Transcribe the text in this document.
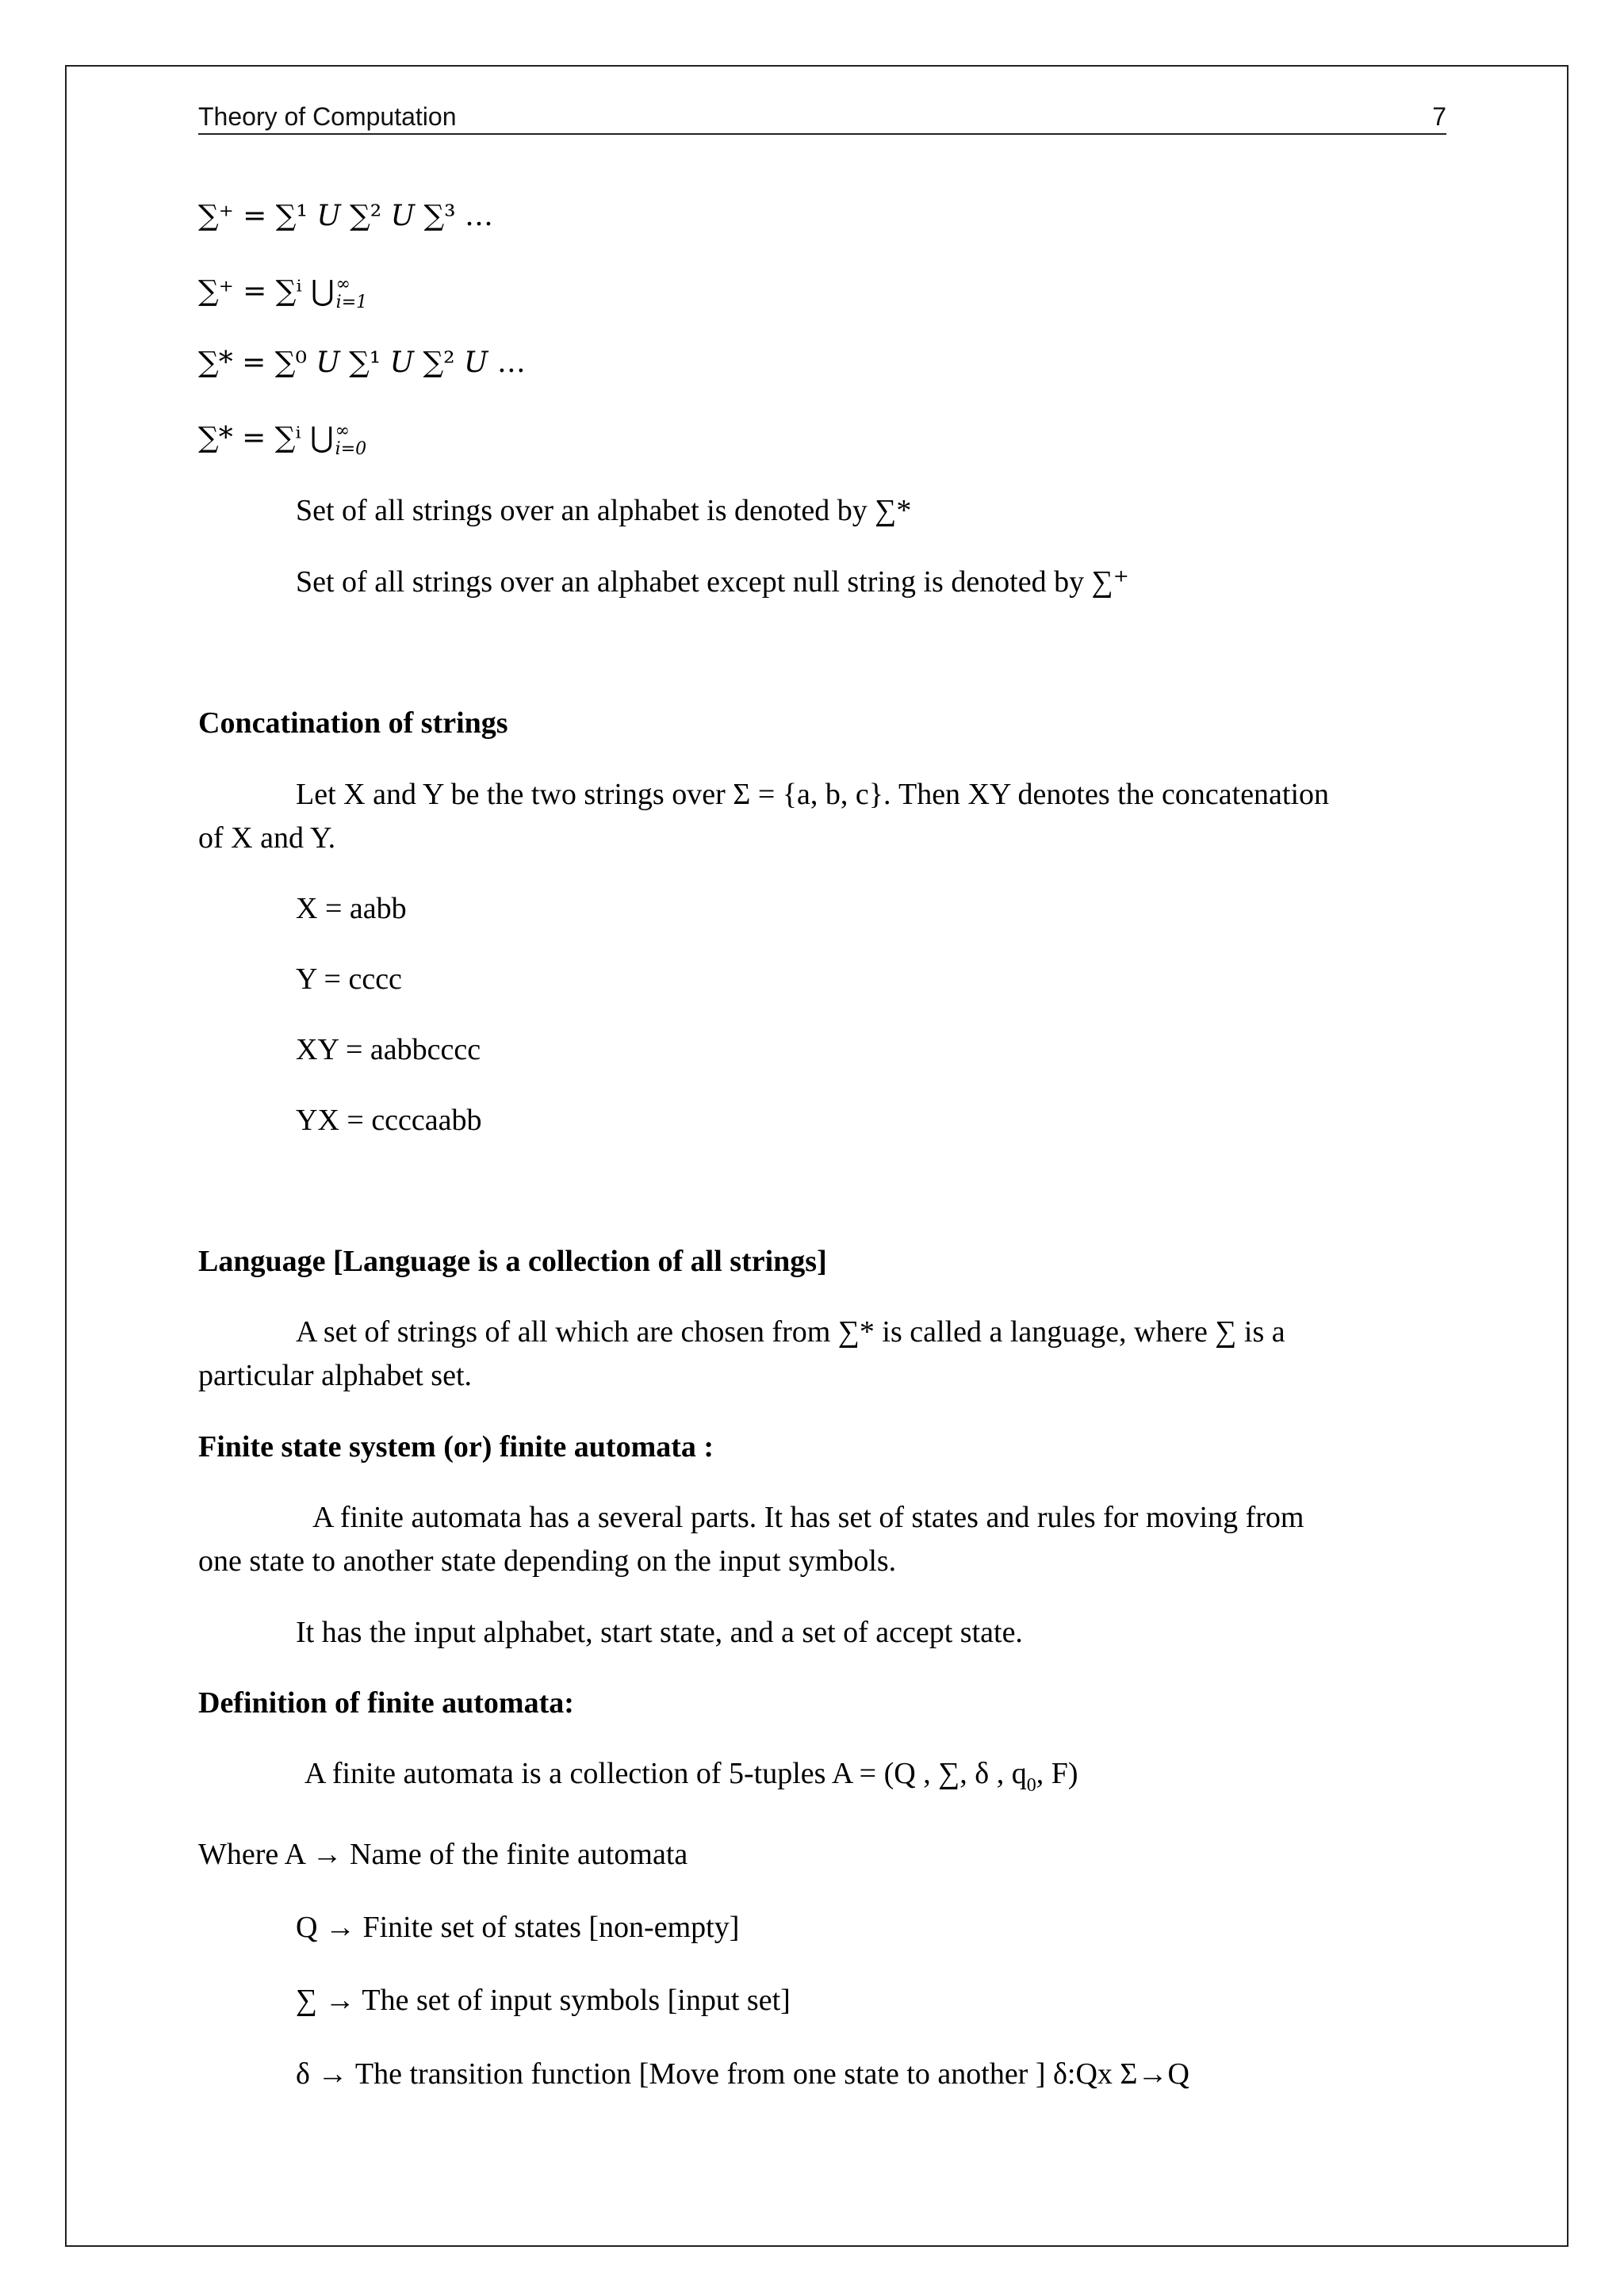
Theory of Computation	7
∑⁺ = ∑¹ 𝑈 ∑² 𝑈 ∑³ …
∑⁺ = ∑ⁱ ⋃ ∞
i=1
∑* = ∑⁰ 𝑈 ∑¹ 𝑈 ∑² 𝑈 …
∑* = ∑ⁱ ⋃ ∞
i=0
Set of all strings over an alphabet is denoted by ∑*
Set of all strings over an alphabet except null string is denoted by ∑⁺
Concatination of strings
Let X and Y be the two strings over Σ = {a, b, c}. Then XY denotes the concatenation
of X and Y.
X = aabb
Y = cccc
XY = aabbcccc
YX = ccccaabb
Language [Language is a collection of all strings]
A set of strings of all which are chosen from ∑* is called a language, where ∑ is a
particular alphabet set.
Finite state system (or) finite automata :
A finite automata has a several parts. It has set of states and rules for moving from
one state to another state depending on the input symbols.
It has the input alphabet, start state, and a set of accept state.
Definition of finite automata:
A finite automata is a collection of 5-tuples A = (Q , ∑, δ , $q_0$, F)
Where A → Name of the finite automata
Q → Finite set of states [non-empty]
∑ → The set of input symbols [input set]
δ → The transition function [Move from one state to another ] δ:Qx Σ→Q
